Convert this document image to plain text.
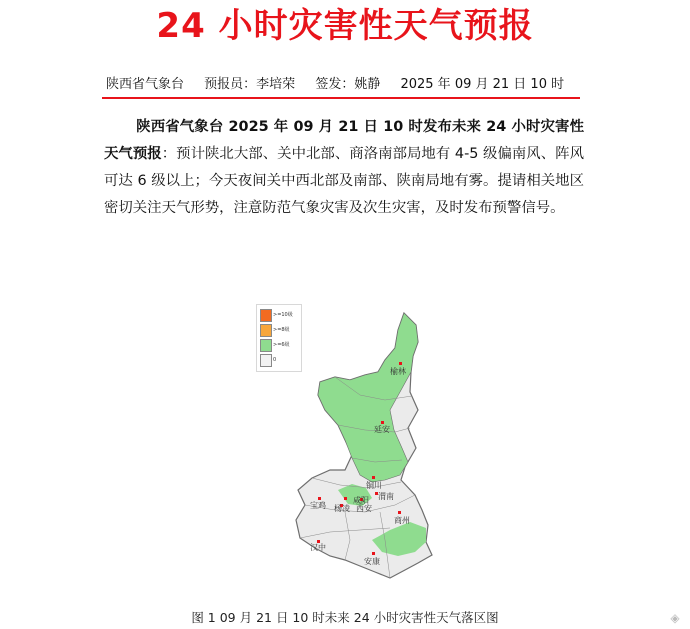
24 小时灾害性天气预报
陕西省气象台 预报员：李培荣 签发：姚静 2025 年 09 月 21 日 10 时
陕西省气象台 2025 年 09 月 21 日 10 时发布未来 24 小时灾害性天气预报：预计陕北大部、关中北部、商洛南部局地有 4-5 级偏南风、阵风可达 6 级以上；今天夜间关中西北部及南部、陕南局地有雾。提请相关地区密切关注天气形势，注意防范气象灾害及次生灾害，及时发布预警信号。
>=10级
>=8级
>=6级
0
榆林
延安
铜川
宝鸡 杨凌
咸阳
西安
渭南
商州
汉中
安康
图 1 09 月 21 日 10 时未来 24 小时灾害性天气落区图	◈
